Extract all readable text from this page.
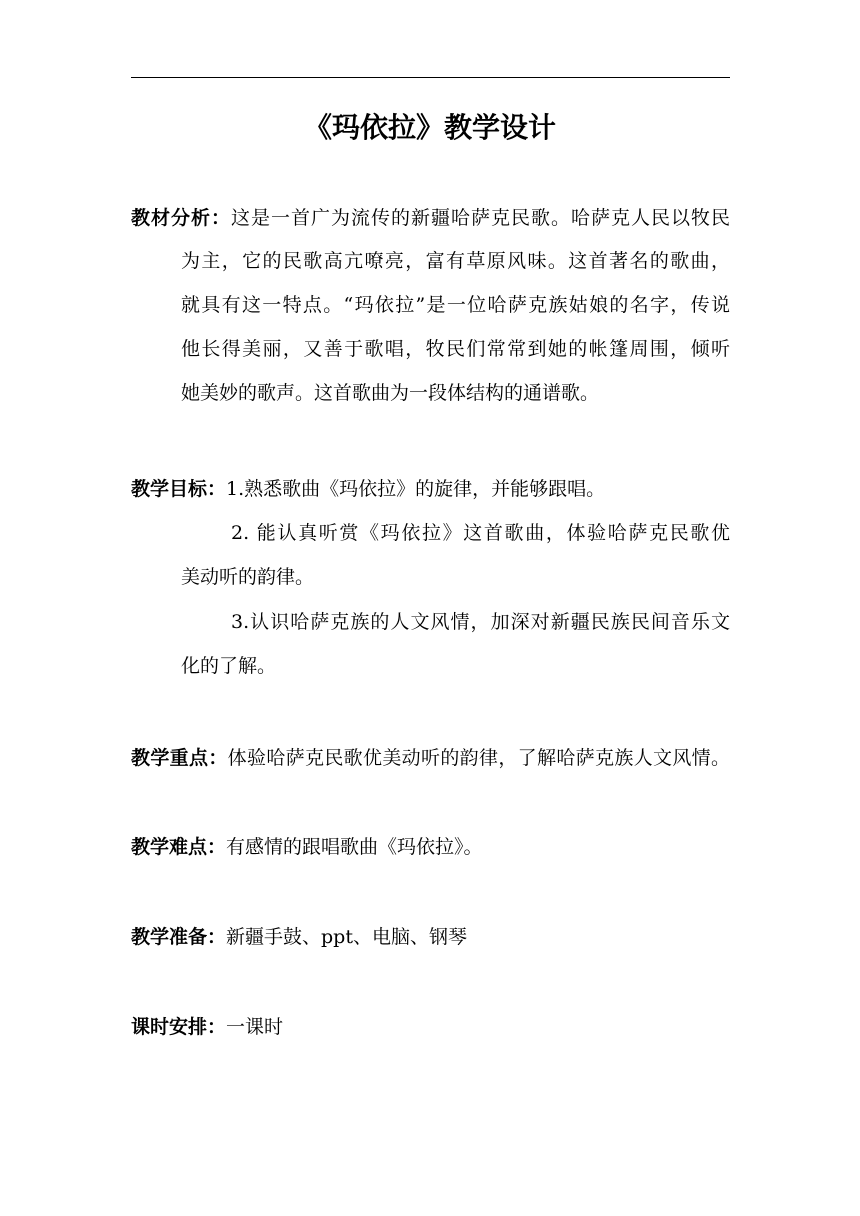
《玛依拉》教学设计
教材分析：这是一首广为流传的新疆哈萨克民歌。哈萨克人民以牧民
为主，它的民歌高亢嘹亮，富有草原风味。这首著名的歌曲，
就具有这一特点。“玛依拉”是一位哈萨克族姑娘的名字，传说
他长得美丽，又善于歌唱，牧民们常常到她的帐篷周围，倾听
她美妙的歌声。这首歌曲为一段体结构的通谱歌。
教学目标：1.熟悉歌曲《玛依拉》的旋律，并能够跟唱。
2. 能认真听赏《玛依拉》这首歌曲，体验哈萨克民歌优
美动听的韵律。
3.认识哈萨克族的人文风情，加深对新疆民族民间音乐文
化的了解。
教学重点：体验哈萨克民歌优美动听的韵律，了解哈萨克族人文风情。
教学难点：有感情的跟唱歌曲《玛依拉》。
教学准备：新疆手鼓、ppt、电脑、钢琴
课时安排：一课时
